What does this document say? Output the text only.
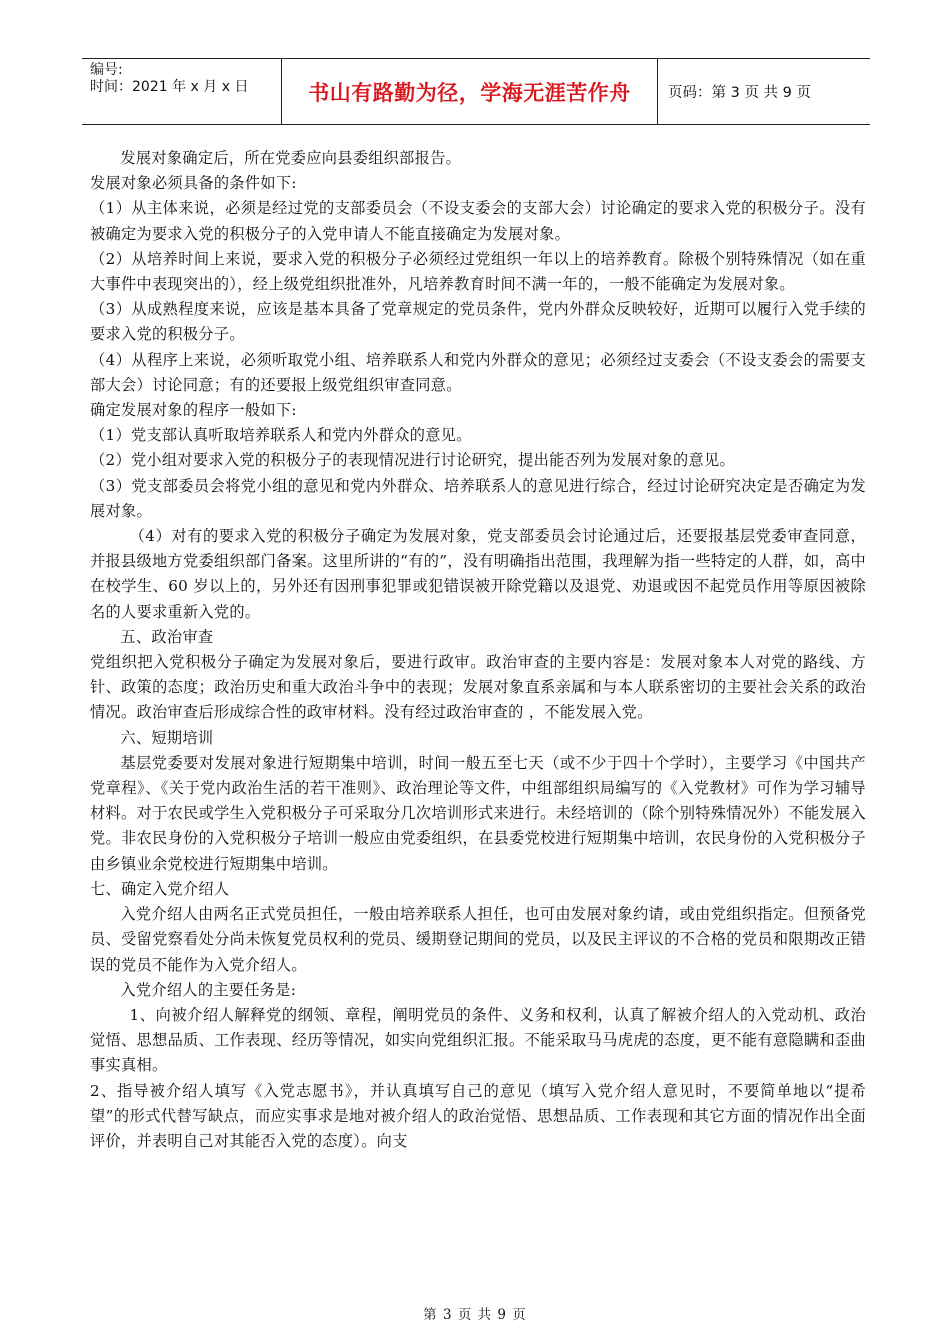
编号:
时间：2021 年 x 月 x 日	书山有路勤为径，学海无涯苦作舟	页码：第 3 页 共 9 页

发展对象确定后，所在党委应向县委组织部报告。

发展对象必须具备的条件如下:

（1）从主体来说，必须是经过党的支部委员会（不设支委会的支部大会）讨论确定的要求入党的积极分子。没有被确定为要求入党的积极分子的入党申请人不能直接确定为发展对象。

（2）从培养时间上来说，要求入党的积极分子必须经过党组织一年以上的培养教育。除极个别特殊情况（如在重大事件中表现突出的），经上级党组织批准外，凡培养教育时间不满一年的，一般不能确定为发展对象。

（3）从成熟程度来说，应该是基本具备了党章规定的党员条件，党内外群众反映较好，近期可以履行入党手续的要求入党的积极分子。

（4）从程序上来说，必须听取党小组、培养联系人和党内外群众的意见；必须经过支委会（不设支委会的需要支部大会）讨论同意；有的还要报上级党组织审查同意。

确定发展对象的程序一般如下:

（1）党支部认真听取培养联系人和党内外群众的意见。

（2）党小组对要求入党的积极分子的表现情况进行讨论研究，提出能否列为发展对象的意见。

（3）党支部委员会将党小组的意见和党内外群众、培养联系人的意见进行综合，经过讨论研究决定是否确定为发展对象。

（4）对有的要求入党的积极分子确定为发展对象，党支部委员会讨论通过后，还要报基层党委审查同意，并报县级地方党委组织部门备案。这里所讲的“有的”，没有明确指出范围，我理解为指一些特定的人群，如，高中在校学生、60 岁以上的，另外还有因刑事犯罪或犯错误被开除党籍以及退党、劝退或因不起党员作用等原因被除名的人要求重新入党的。

五、政治审查

党组织把入党积极分子确定为发展对象后，要进行政审。政治审查的主要内容是：发展对象本人对党的路线、方针、政策的态度；政治历史和重大政治斗争中的表现；发展对象直系亲属和与本人联系密切的主要社会关系的政治情况。政治审查后形成综合性的政审材料。没有经过政治审查的 ，不能发展入党。

六、短期培训

基层党委要对发展对象进行短期集中培训，时间一般五至七天（或不少于四十个学时），主要学习《中国共产党章程》、《关于党内政治生活的若干准则》、政治理论等文件，中组部组织局编写的《入党教材》可作为学习辅导材料。对于农民或学生入党积极分子可采取分几次培训形式来进行。未经培训的（除个别特殊情况外）不能发展入党。非农民身份的入党积极分子培训一般应由党委组织，在县委党校进行短期集中培训，农民身份的入党积极分子由乡镇业余党校进行短期集中培训。

七、确定入党介绍人

入党介绍人由两名正式党员担任，一般由培养联系人担任，也可由发展对象约请，或由党组织指定。但预备党员、受留党察看处分尚未恢复党员权利的党员、缓期登记期间的党员，以及民主评议的不合格的党员和限期改正错误的党员不能作为入党介绍人。

入党介绍人的主要任务是:

1、向被介绍人解释党的纲领、章程，阐明党员的条件、义务和权利，认真了解被介绍人的入党动机、政治觉悟、思想品质、工作表现、经历等情况，如实向党组织汇报。不能采取马马虎虎的态度，更不能有意隐瞒和歪曲事实真相。

2、指导被介绍人填写《入党志愿书》，并认真填写自己的意见（填写入党介绍人意见时，不要简单地以“提希望”的形式代替写缺点，而应实事求是地对被介绍人的政治觉悟、思想品质、工作表现和其它方面的情况作出全面评价，并表明自己对其能否入党的态度）。向支

第 3 页 共 9 页
